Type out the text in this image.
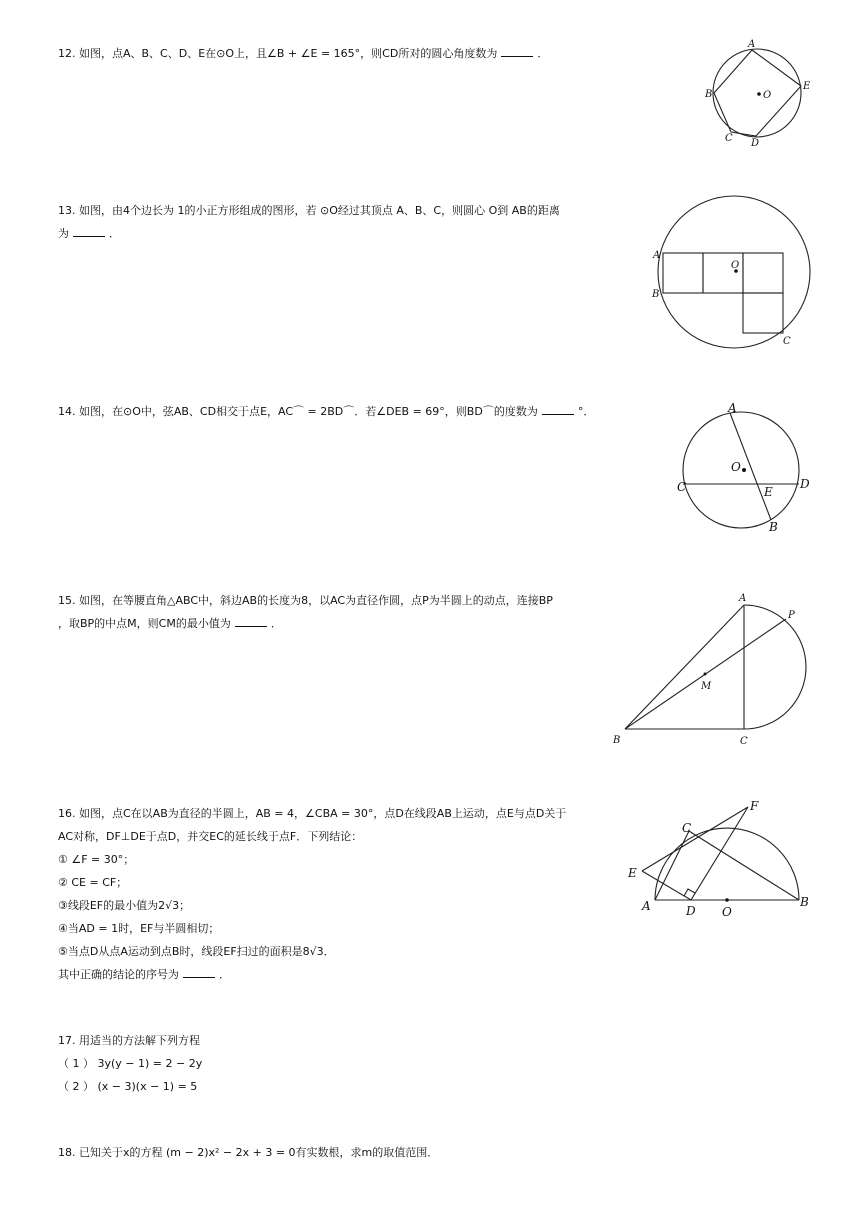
12. 如图，点A、B、C、D、E在⊙O上，且∠B + ∠E = 165°，则CD所对的圆心角度数为	．
A
B
C D
E
O
13. 如图，由4个边长为 1的小正方形组成的图形，若 ⊙O经过其顶点 A、B、C，则圆心 O到 AB的距离
为	．
A
B
C
O
14. 如图，在⊙O中，弦AB、CD相交于点E，AC⌒ = 2BD⌒．若∠DEB = 69°，则BD⌒的度数为	°．	A
B
C	D
E
O
15. 如图，在等腰直角△ABC中，斜边AB的长度为8，以AC为直径作圆，点P为半圆上的动点，连接BP
，取BP的中点M，则CM的最小值为	．
A
B	C
M
P
16. 如图，点C在以AB为直径的半圆上，AB = 4，∠CBA = 30°，点D在线段AB上运动，点E与点D关于
AC对称，DF⊥DE于点D，并交EC的延长线于点F．下列结论：
① ∠F = 30°；
② CE = CF；
③线段EF的最小值为2√3；
④当AD = 1时，EF与半圆相切；
⑤当点D从点A运动到点B时，线段EF扫过的面积是8√3．
其中正确的结论的序号为	．
A	B
C
D
E
F
O
17. 用适当的方法解下列方程
（ 1 ） 3y(y − 1) = 2 − 2y
（ 2 ） (x − 3)(x − 1) = 5
18. 已知关于x的方程 (m − 2)x² − 2x + 3 = 0有实数根，求m的取值范围．
